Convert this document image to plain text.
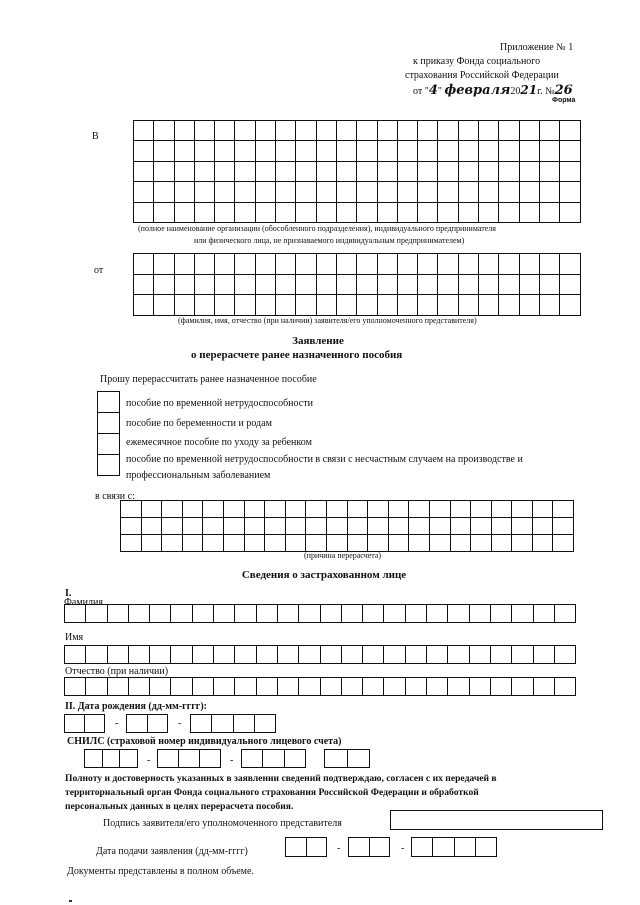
Приложение № 1
к приказу Фонда социального
страхования Российской Федерации
от "4" февраля2021г. №26
Форма
В
(полное наименование организации (обособленного подразделения), индивидуального предпринимателя
или физического лица, не признаваемого индивидуальным предпринимателем)
от
(фамилия, имя, отчество (при наличии) заявителя/его уполномоченного представителя)
Заявление
о перерасчете ранее назначенного пособия
Прошу перерассчитать ранее назначенное пособие
пособие по временной нетрудоспособности
пособие по беременности и родам
ежемесячное пособие по уходу за ребенком
пособие по временной нетрудоспособности в связи с несчастным случаем на производстве и
профессиональным заболеванием
в связи с:
(причина перерасчета)
Сведения о застрахованном лице
I.
Фамилия
Имя
Отчество (при наличии)
II. Дата рождения (дд-мм-гггг):
-	-
СНИЛС (страховой номер индивидуального лицевого счета)
-	-
Полноту и достоверность указанных в заявлении сведений подтверждаю, согласен с их передачей в
территориальный орган Фонда социального страхования Российской Федерации и обработкой
персональных данных в целях перерасчета пособия.
Подпись заявителя/его уполномоченного представителя
Дата подачи заявления (дд-мм-гггг)	-	-
Документы представлены в полном объеме.
